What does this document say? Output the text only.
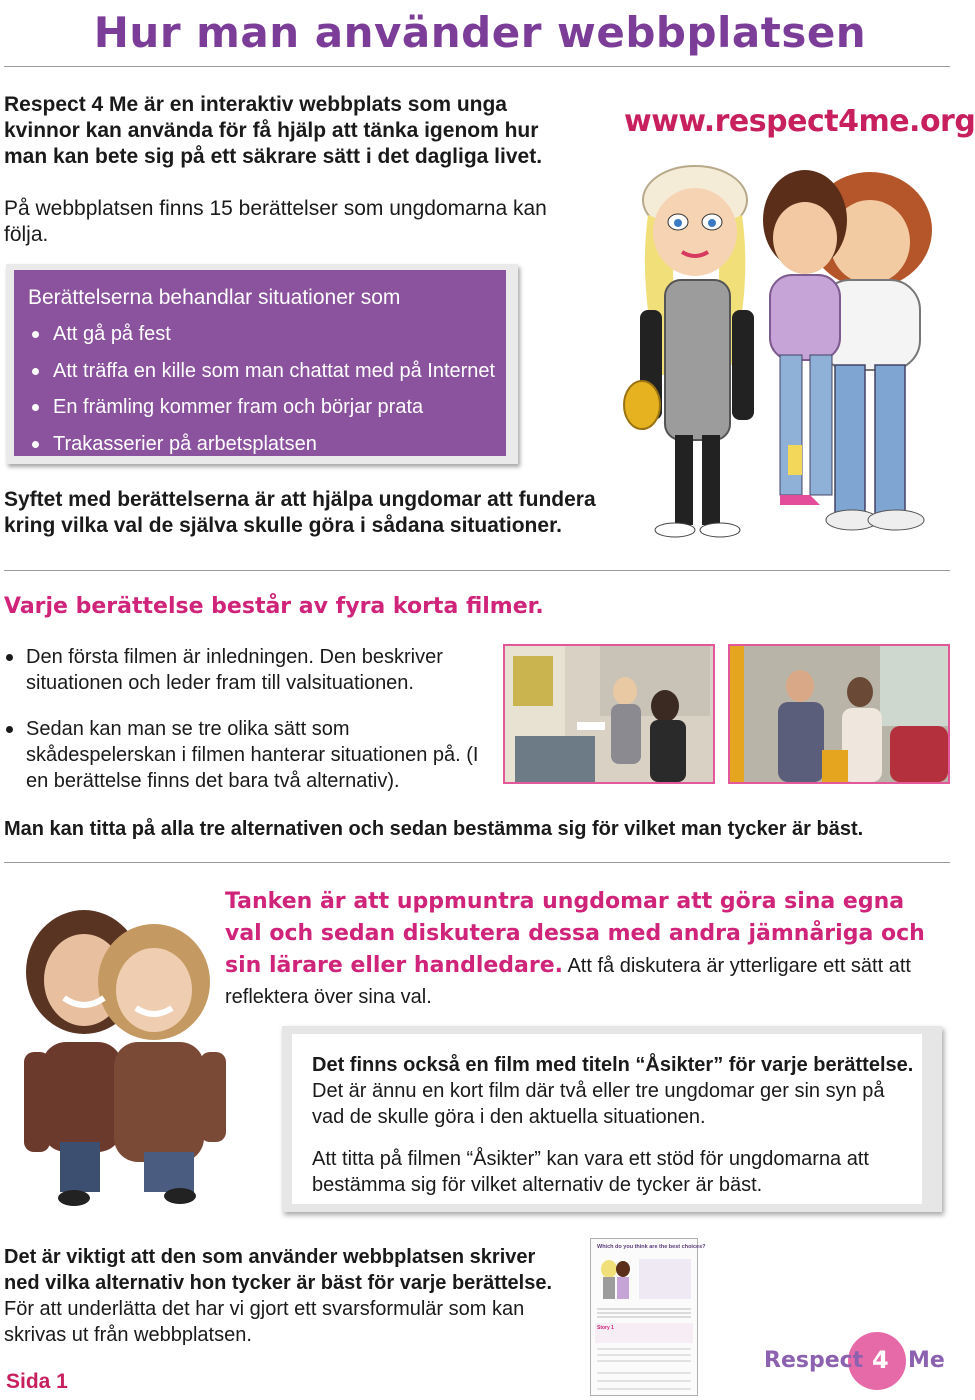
Hur man använder webbplatsen
Respect 4 Me är en interaktiv webbplats som unga kvinnor kan använda för få hjälp att tänka igenom hur man kan bete sig på ett säkrare sätt i det dagliga livet.
www.respect4me.org
På webbplatsen finns 15 berättelser som ungdomarna kan följa.
Berättelserna behandlar situationer som
Att gå på fest
Att träffa en kille som man chattat med på Internet
En främling kommer fram och börjar prata
Trakasserier på arbetsplatsen
Syftet med berättelserna är att hjälpa ungdomar att fundera kring vilka val de själva skulle göra i sådana situationer.
Varje berättelse består av fyra korta filmer.
Den första filmen är inledningen. Den beskriver situationen och leder fram till valsituationen.
Sedan kan man se tre olika sätt som skådespelerskan i filmen hanterar situationen på. (I en berättelse finns det bara två alternativ).
Man kan titta på alla tre alternativen och sedan bestämma sig för vilket man tycker är bäst.
Tanken är att uppmuntra ungdomar att göra sina egna val och sedan diskutera dessa med andra jämnåriga och sin lärare eller handledare. Att få diskutera är ytterligare ett sätt att reflektera över sina val.

Det finns också en film med titeln “Åsikter” för varje berättelse. Det är ännu en kort film där två eller tre ungdomar ger sin syn på vad de skulle göra i den aktuella situationen.

Att titta på filmen “Åsikter” kan vara ett stöd för ungdomarna att bestämma sig för vilket alternativ de tycker är bäst.

Det är viktigt att den som använder webbplatsen skriver ned vilka alternativ hon tycker är bäst för varje berättelse. För att underlätta det har vi gjort ett svarsformulär som kan skrivas ut från webbplatsen.
Which do you think are the best choices?
Story 1
Sida 1
Respect 4 Me
